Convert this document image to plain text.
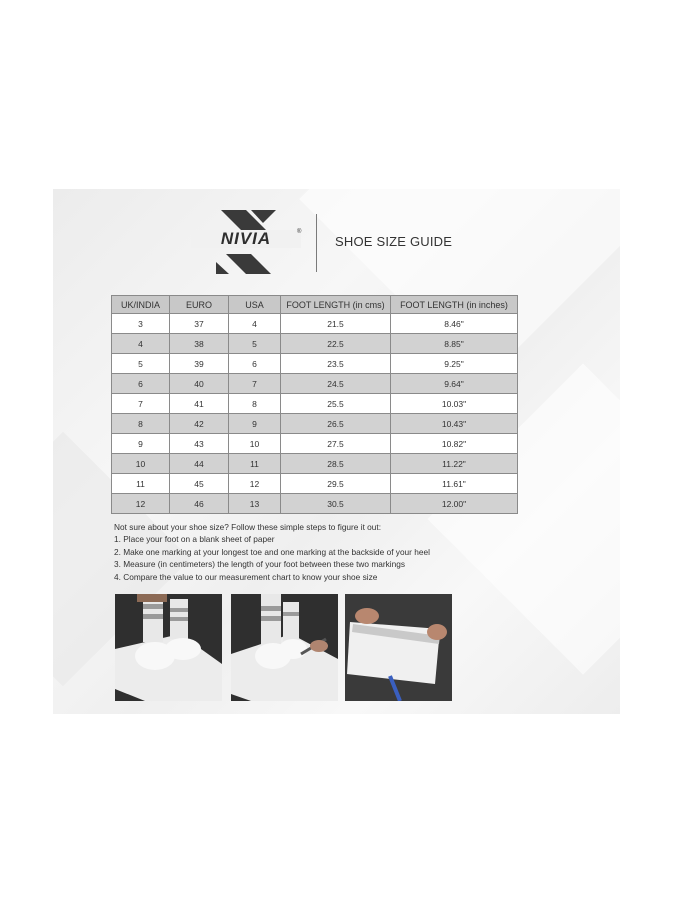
NIVIA	®
SHOE SIZE GUIDE
UK/INDIA	EURO	USA	FOOT LENGTH (in cms)	FOOT LENGTH (in inches)
3	37	4	21.5	8.46"
4	38	5	22.5	8.85"
5	39	6	23.5	9.25"
6	40	7	24.5	9.64"
7	41	8	25.5	10.03"
8	42	9	26.5	10.43"
9	43	10	27.5	10.82"
10	44	11	28.5	11.22"
11	45	12	29.5	11.61"
12	46	13	30.5	12.00"
Not sure about your shoe size? Follow these simple steps to figure it out:
1. Place your foot on a blank sheet of paper
2. Make one marking at your longest toe and one marking at the backside of your heel
3. Measure (in centimeters) the length of your foot between these two markings
4. Compare the value to our measurement chart to know your shoe size
